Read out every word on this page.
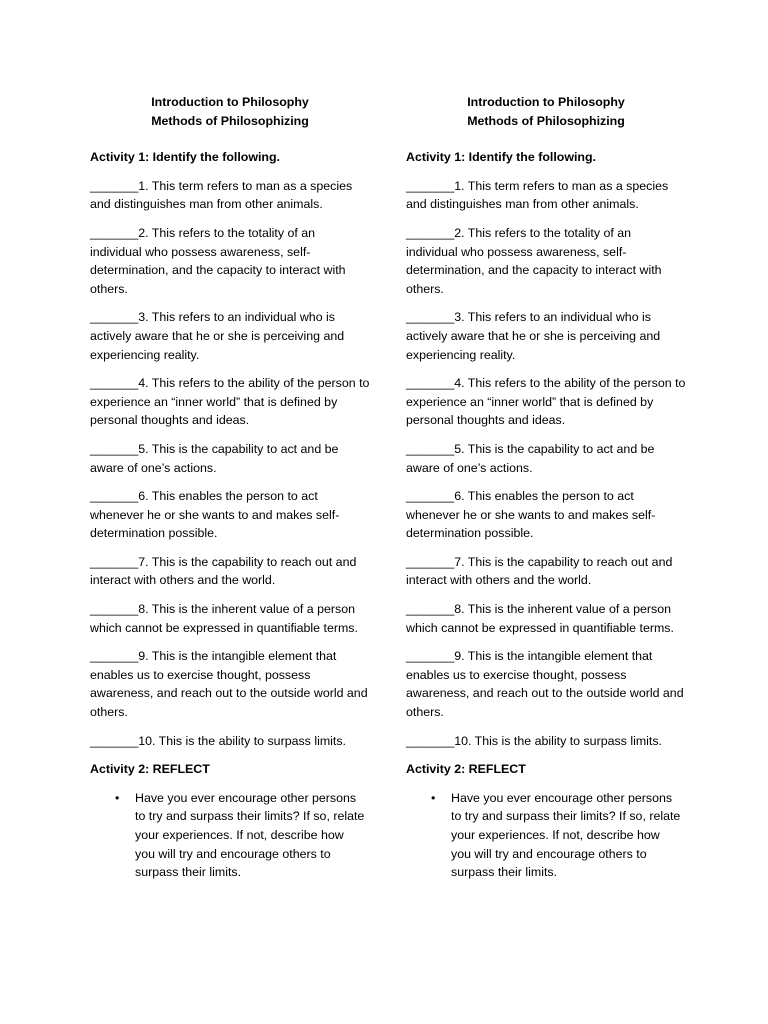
Introduction to Philosophy
Methods of Philosophizing
Activity 1: Identify the following.
_______1. This term refers to man as a species and distinguishes man from other animals.
_______2. This refers to the totality of an individual who possess awareness, self-determination, and the capacity to interact with others.
_______3. This refers to an individual who is actively aware that he or she is perceiving and experiencing reality.
_______4. This refers to the ability of the person to experience an “inner world” that is defined by personal thoughts and ideas.
_______5. This is the capability to act and be aware of one’s actions.
_______6. This enables the person to act whenever he or she wants to and makes self-determination possible.
_______7. This is the capability to reach out and interact with others and the world.
_______8. This is the inherent value of a person which cannot be expressed in quantifiable terms.
_______9. This is the intangible element that enables us to exercise thought, possess awareness, and reach out to the outside world and others.
_______10. This is the ability to surpass limits.
Activity 2: REFLECT
• Have you ever encourage other persons to try and surpass their limits? If so, relate your experiences. If not, describe how you will try and encourage others to surpass their limits.
Introduction to Philosophy
Methods of Philosophizing
Activity 1: Identify the following.
_______1. This term refers to man as a species and distinguishes man from other animals.
_______2. This refers to the totality of an individual who possess awareness, self-determination, and the capacity to interact with others.
_______3. This refers to an individual who is actively aware that he or she is perceiving and experiencing reality.
_______4. This refers to the ability of the person to experience an “inner world” that is defined by personal thoughts and ideas.
_______5. This is the capability to act and be aware of one’s actions.
_______6. This enables the person to act whenever he or she wants to and makes self-determination possible.
_______7. This is the capability to reach out and interact with others and the world.
_______8. This is the inherent value of a person which cannot be expressed in quantifiable terms.
_______9. This is the intangible element that enables us to exercise thought, possess awareness, and reach out to the outside world and others.
_______10. This is the ability to surpass limits.
Activity 2: REFLECT
• Have you ever encourage other persons to try and surpass their limits? If so, relate your experiences. If not, describe how you will try and encourage others to surpass their limits.
